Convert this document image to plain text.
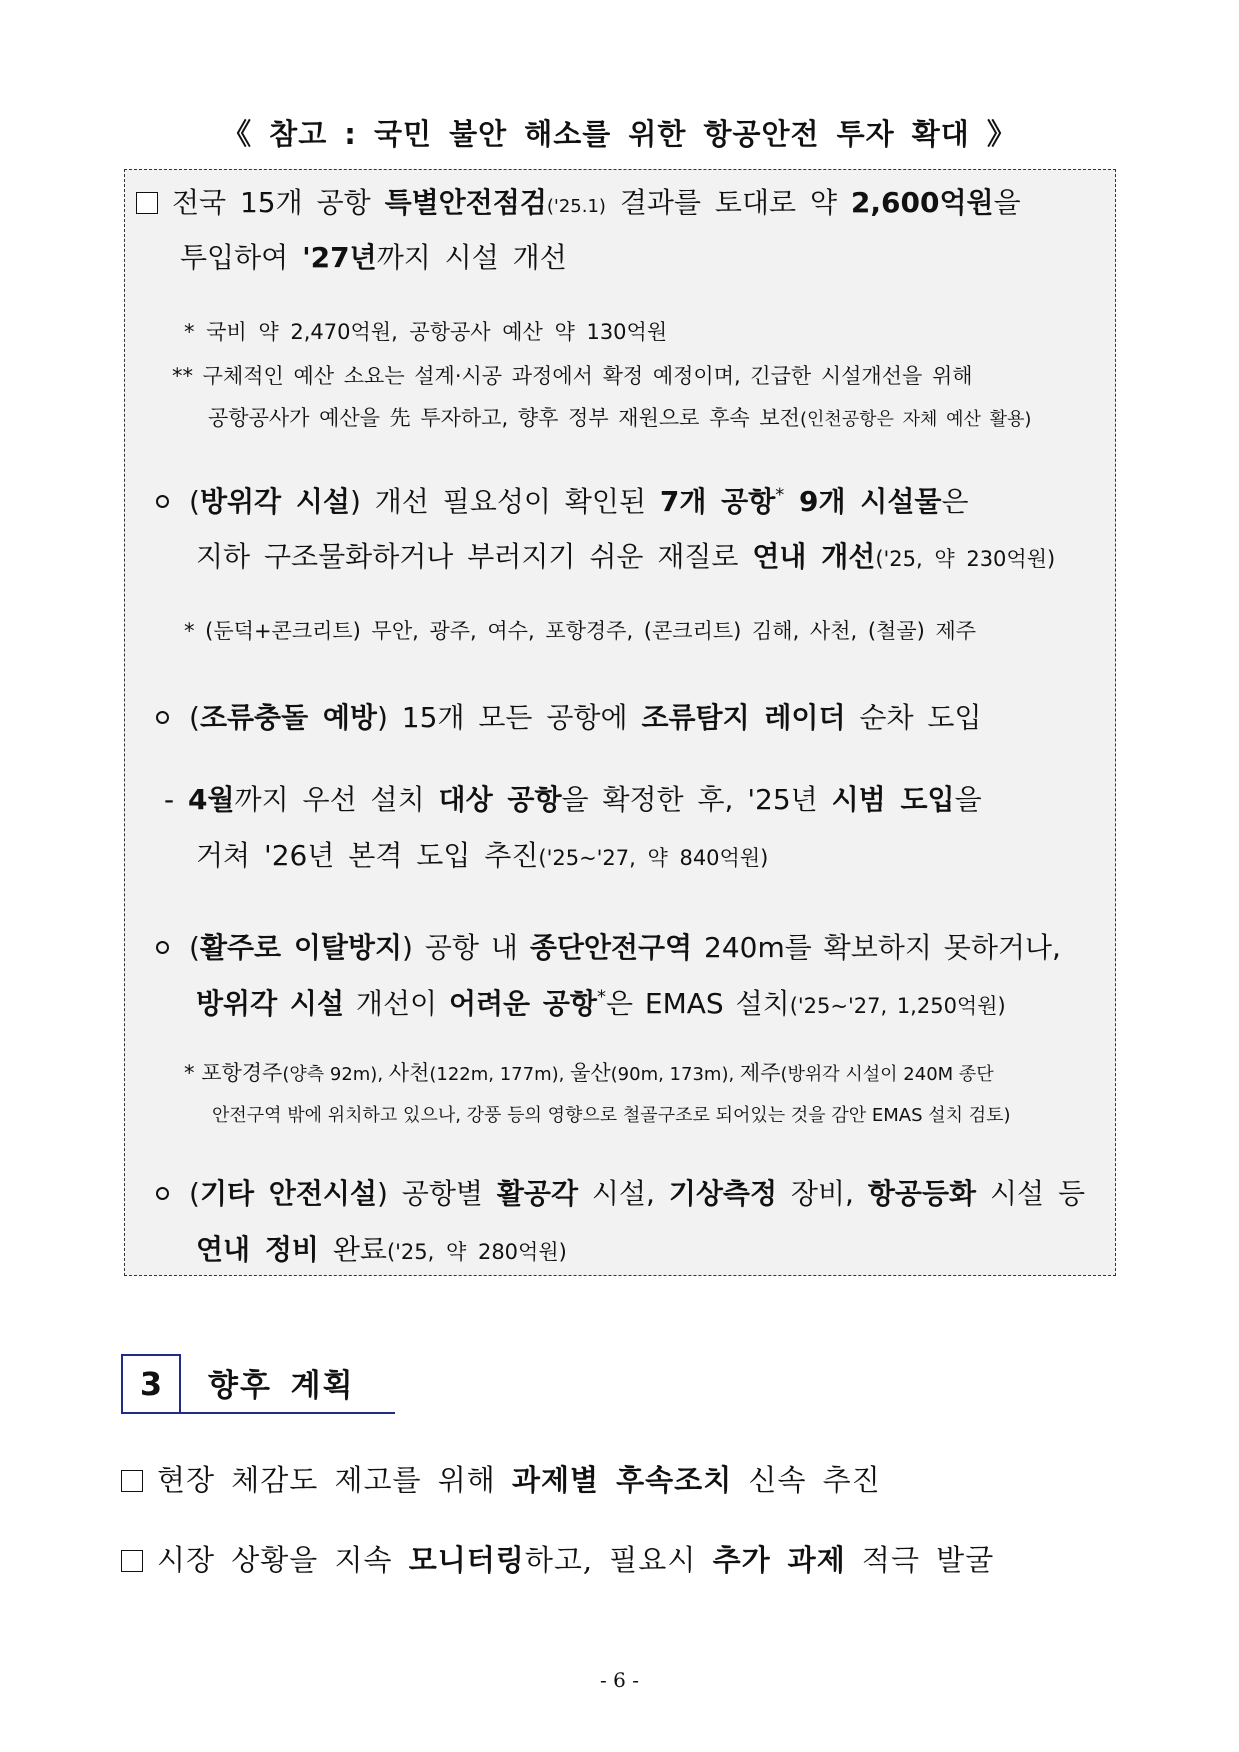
《 참고 : 국민 불안 해소를 위한 항공안전 투자 확대 》
전국 15개 공항 특별안전점검('25.1) 결과를 토대로 약 2,600억원을
투입하여 '27년까지 시설 개선
* 국비 약 2,470억원, 공항공사 예산 약 130억원
** 구체적인 예산 소요는 설계·시공 과정에서 확정 예정이며, 긴급한 시설개선을 위해
공항공사가 예산을 先 투자하고, 향후 정부 재원으로 후속 보전(인천공항은 자체 예산 활용)
(방위각 시설) 개선 필요성이 확인된 7개 공항* 9개 시설물은
지하 구조물화하거나 부러지기 쉬운 재질로 연내 개선('25, 약 230억원)
* (둔덕+콘크리트) 무안, 광주, 여수, 포항경주, (콘크리트) 김해, 사천, (철골) 제주
(조류충돌 예방) 15개 모든 공항에 조류탐지 레이더 순차 도입
- 4월까지 우선 설치 대상 공항을 확정한 후, '25년 시범 도입을
거쳐 '26년 본격 도입 추진('25~'27, 약 840억원)
(활주로 이탈방지) 공항 내 종단안전구역 240m를 확보하지 못하거나,
방위각 시설 개선이 어려운 공항*은 EMAS 설치('25~'27, 1,250억원)
* 포항경주(양측 92m), 사천(122m, 177m), 울산(90m, 173m), 제주(방위각 시설이 240M 종단
안전구역 밖에 위치하고 있으나, 강풍 등의 영향으로 철골구조로 되어있는 것을 감안 EMAS 설치 검토)
(기타 안전시설) 공항별 활공각 시설, 기상측정 장비, 항공등화 시설 등
연내 정비 완료('25, 약 280억원)
3	향후 계획
현장 체감도 제고를 위해 과제별 후속조치 신속 추진
시장 상황을 지속 모니터링하고, 필요시 추가 과제 적극 발굴
- 6 -
